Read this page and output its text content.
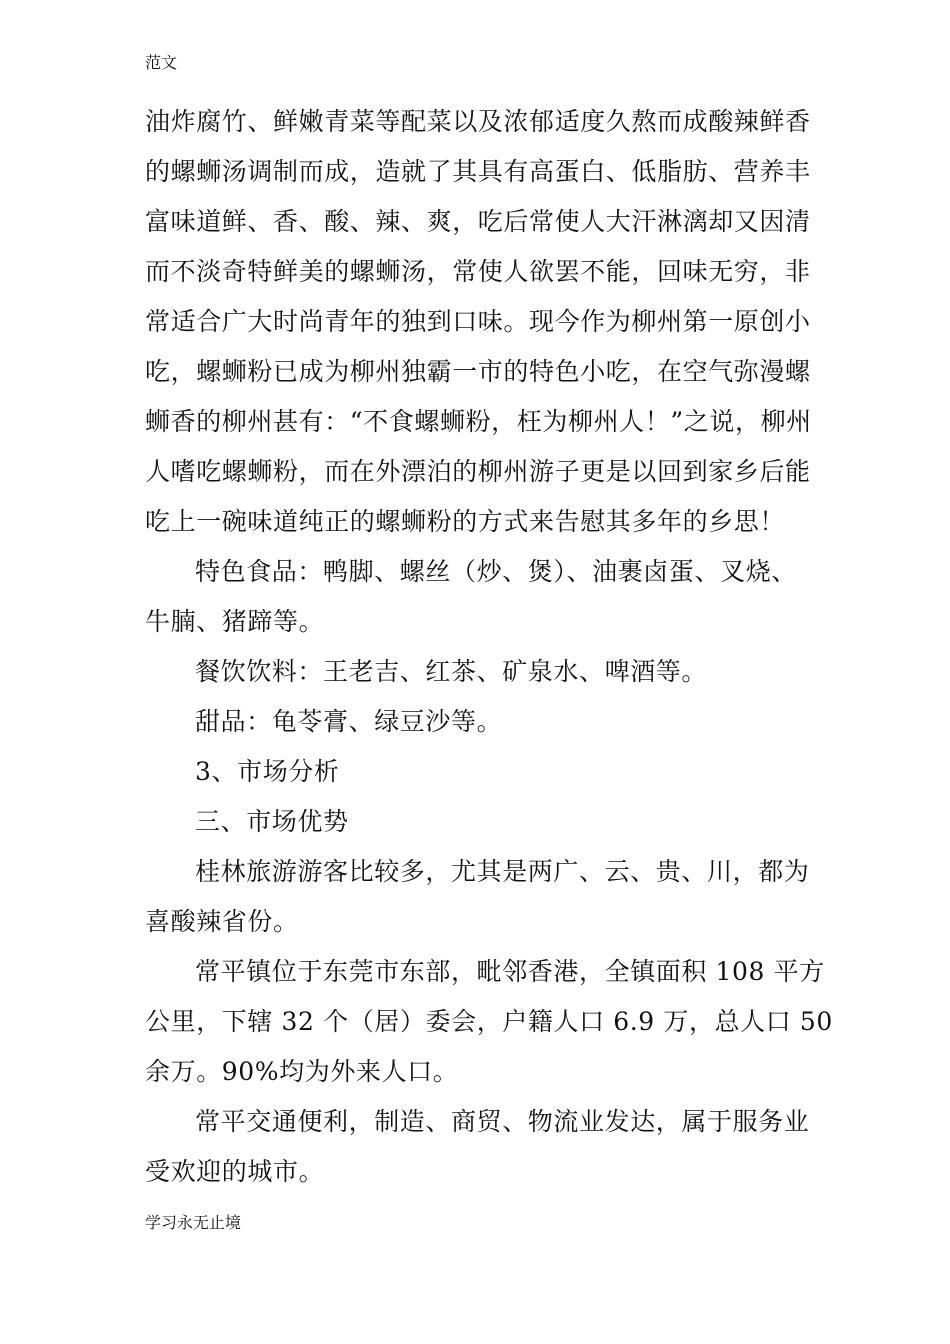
范文
油炸腐竹、鲜嫩青菜等配菜以及浓郁适度久熬而成酸辣鲜香
的螺蛳汤调制而成，造就了其具有高蛋白、低脂肪、营养丰
富味道鲜、香、酸、辣、爽，吃后常使人大汗淋漓却又因清
而不淡奇特鲜美的螺蛳汤，常使人欲罢不能，回味无穷，非
常适合广大时尚青年的独到口味。现今作为柳州第一原创小
吃，螺蛳粉已成为柳州独霸一市的特色小吃，在空气弥漫螺
蛳香的柳州甚有：“不食螺蛳粉，枉为柳州人！”之说，柳州
人嗜吃螺蛳粉，而在外漂泊的柳州游子更是以回到家乡后能
吃上一碗味道纯正的螺蛳粉的方式来告慰其多年的乡思！
特色食品：鸭脚、螺丝（炒、煲）、油裹卤蛋、叉烧、
牛腩、猪蹄等。
餐饮饮料：王老吉、红茶、矿泉水、啤酒等。
甜品：龟苓膏、绿豆沙等。
3、市场分析
三、市场优势
桂林旅游游客比较多，尤其是两广、云、贵、川，都为
喜酸辣省份。
常平镇位于东莞市东部，毗邻香港，全镇面积 108 平方
公里，下辖 32 个（居）委会，户籍人口 6.9 万，总人口 50
余万。90%均为外来人口。
常平交通便利，制造、商贸、物流业发达，属于服务业
受欢迎的城市。
学习永无止境
